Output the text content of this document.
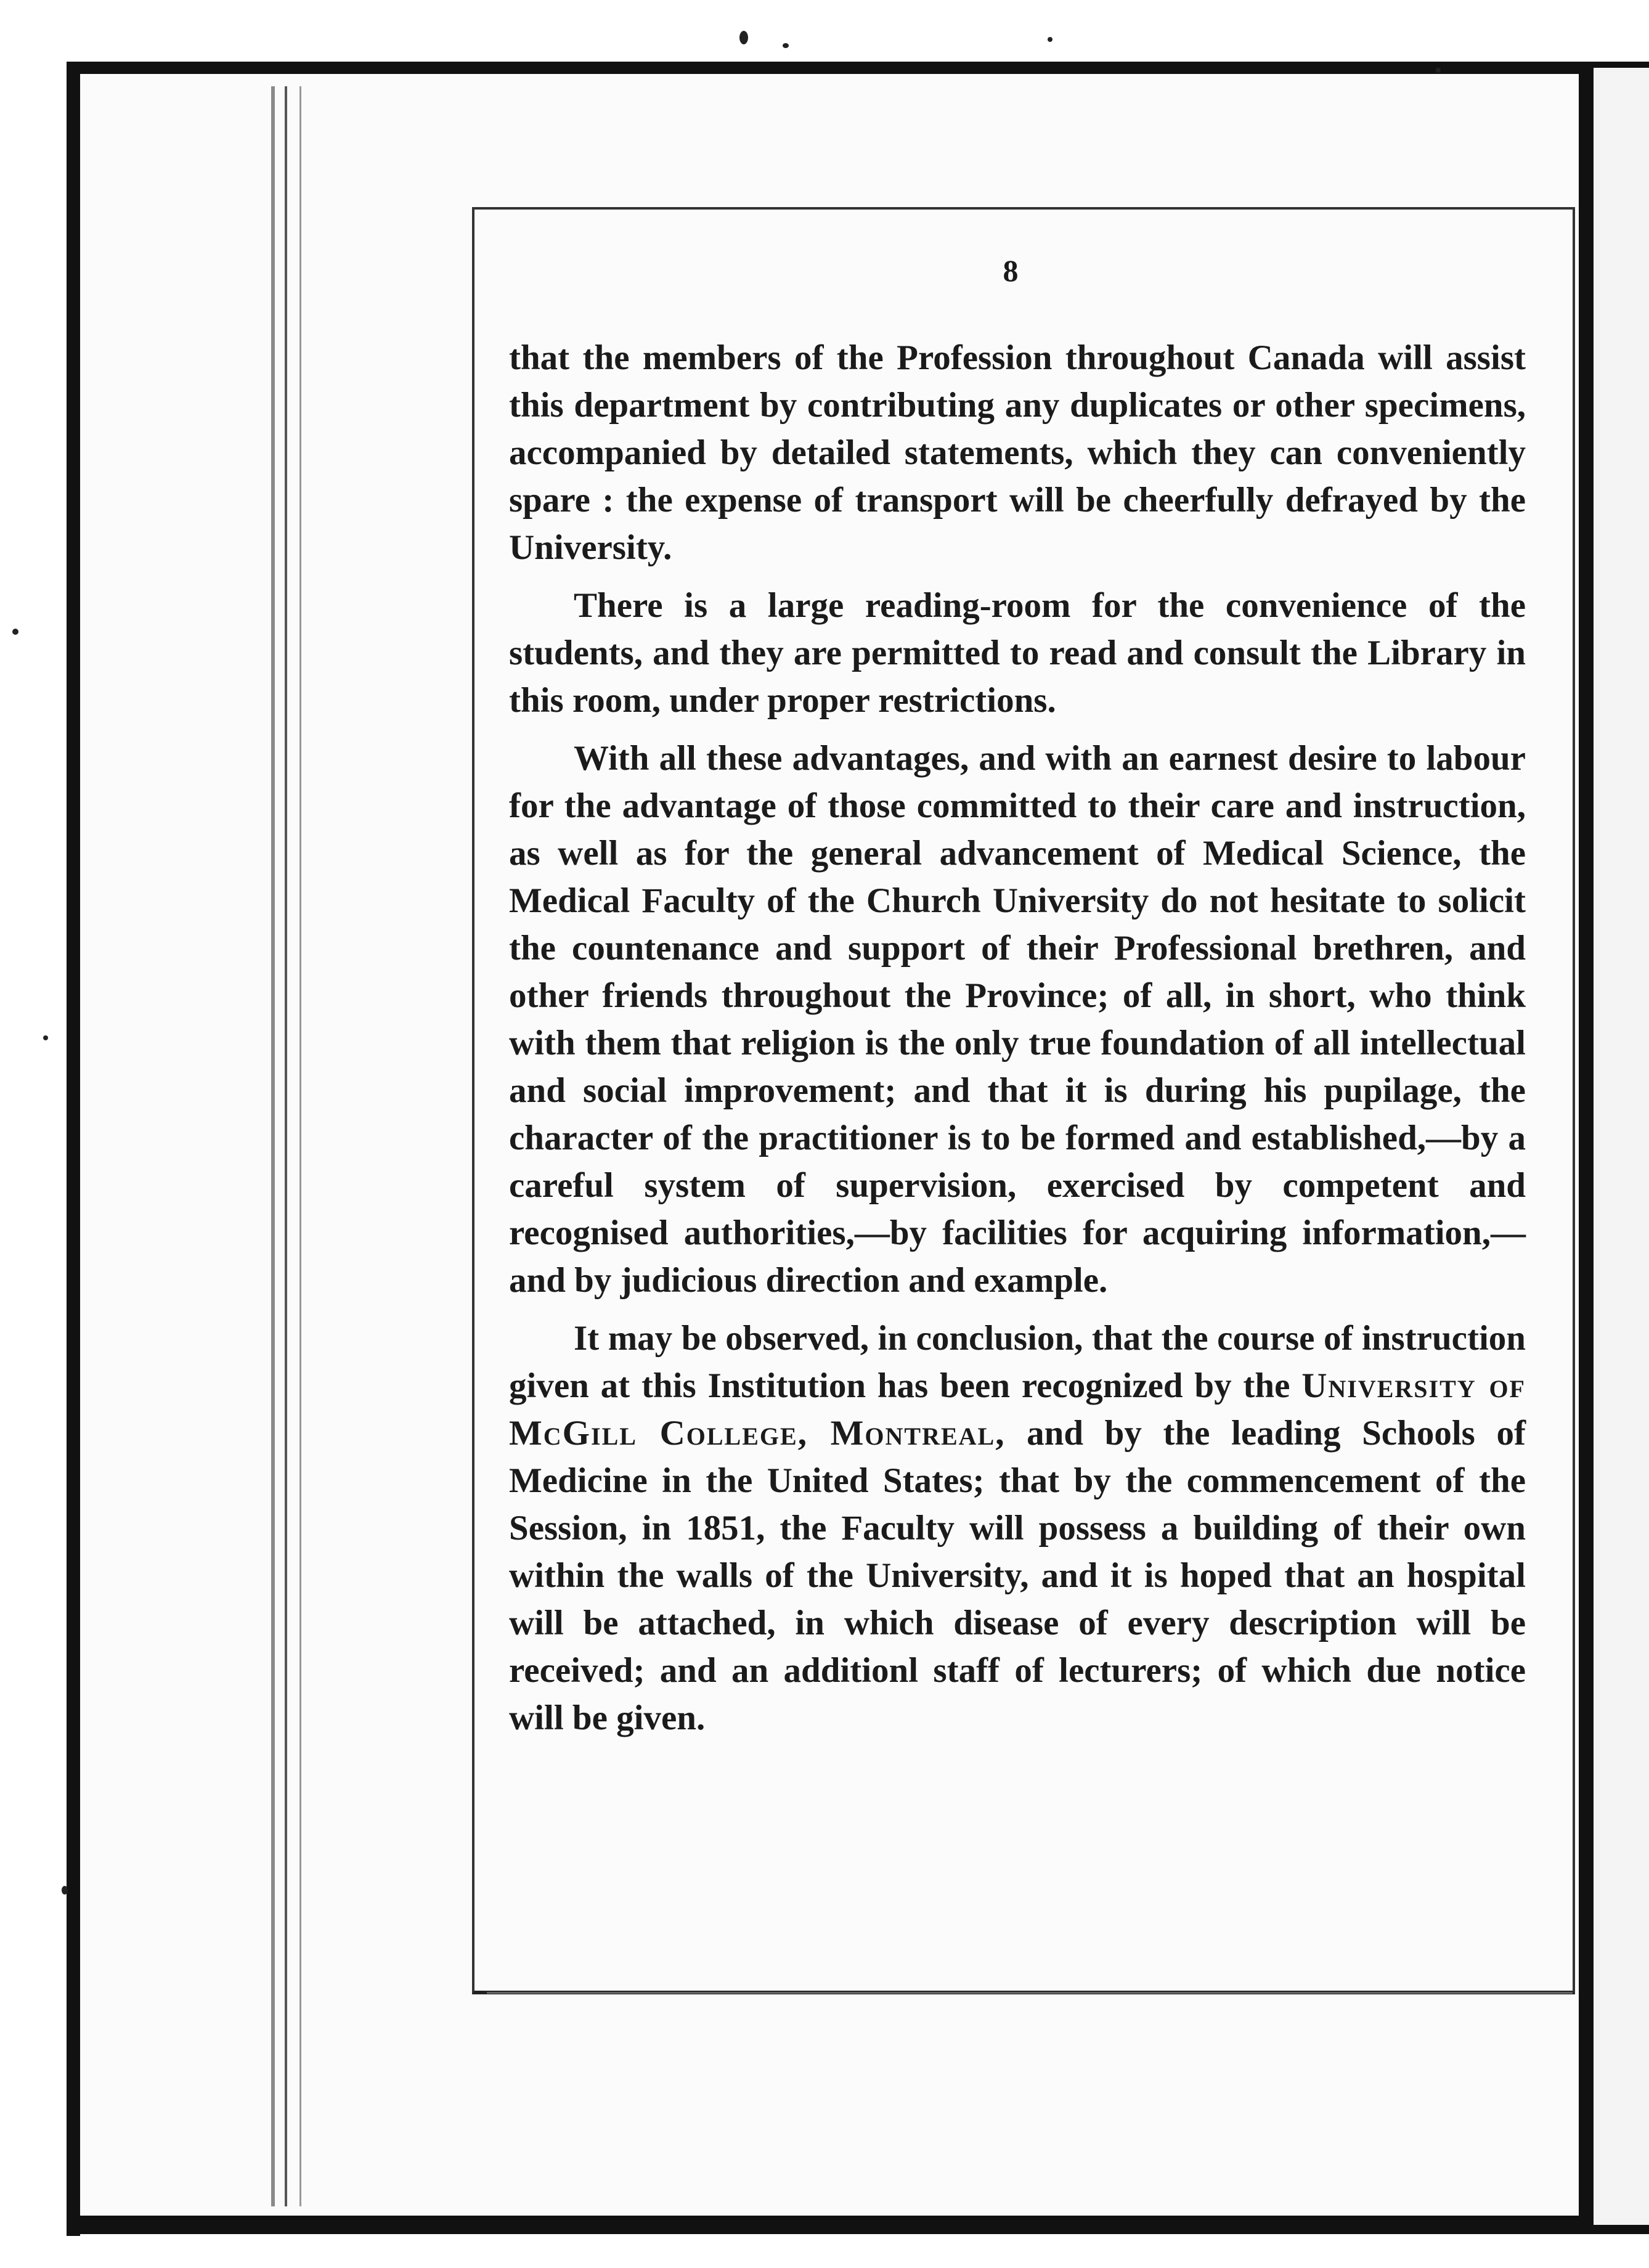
8

that the members of the Profession throughout Canada will assist this department by contributing any duplicates or other specimens, accompanied by detailed statements, which they can conveniently spare : the expense of transport will be cheerfully defrayed by the University.

There is a large reading-room for the convenience of the students, and they are permitted to read and consult the Library in this room, under proper restrictions.

With all these advantages, and with an earnest desire to labour for the advantage of those committed to their care and instruction, as well as for the general advancement of Medical Science, the Medical Faculty of the Church University do not hesitate to solicit the countenance and support of their Professional brethren, and other friends throughout the Province; of all, in short, who think with them that religion is the only true foundation of all intellectual and social improvement; and that it is during his pupilage, the character of the practitioner is to be formed and established,—by a careful system of supervision, exercised by competent and recognised authorities,—by facilities for acquiring information,—and by judicious direction and example.

It may be observed, in conclusion, that the course of instruction given at this Institution has been recognized by the University of McGill College, Montreal, and by the leading Schools of Medicine in the United States; that by the commencement of the Session, in 1851, the Faculty will possess a building of their own within the walls of the University, and it is hoped that an hospital will be attached, in which disease of every description will be received; and an additionl staff of lecturers; of which due notice will be given.
